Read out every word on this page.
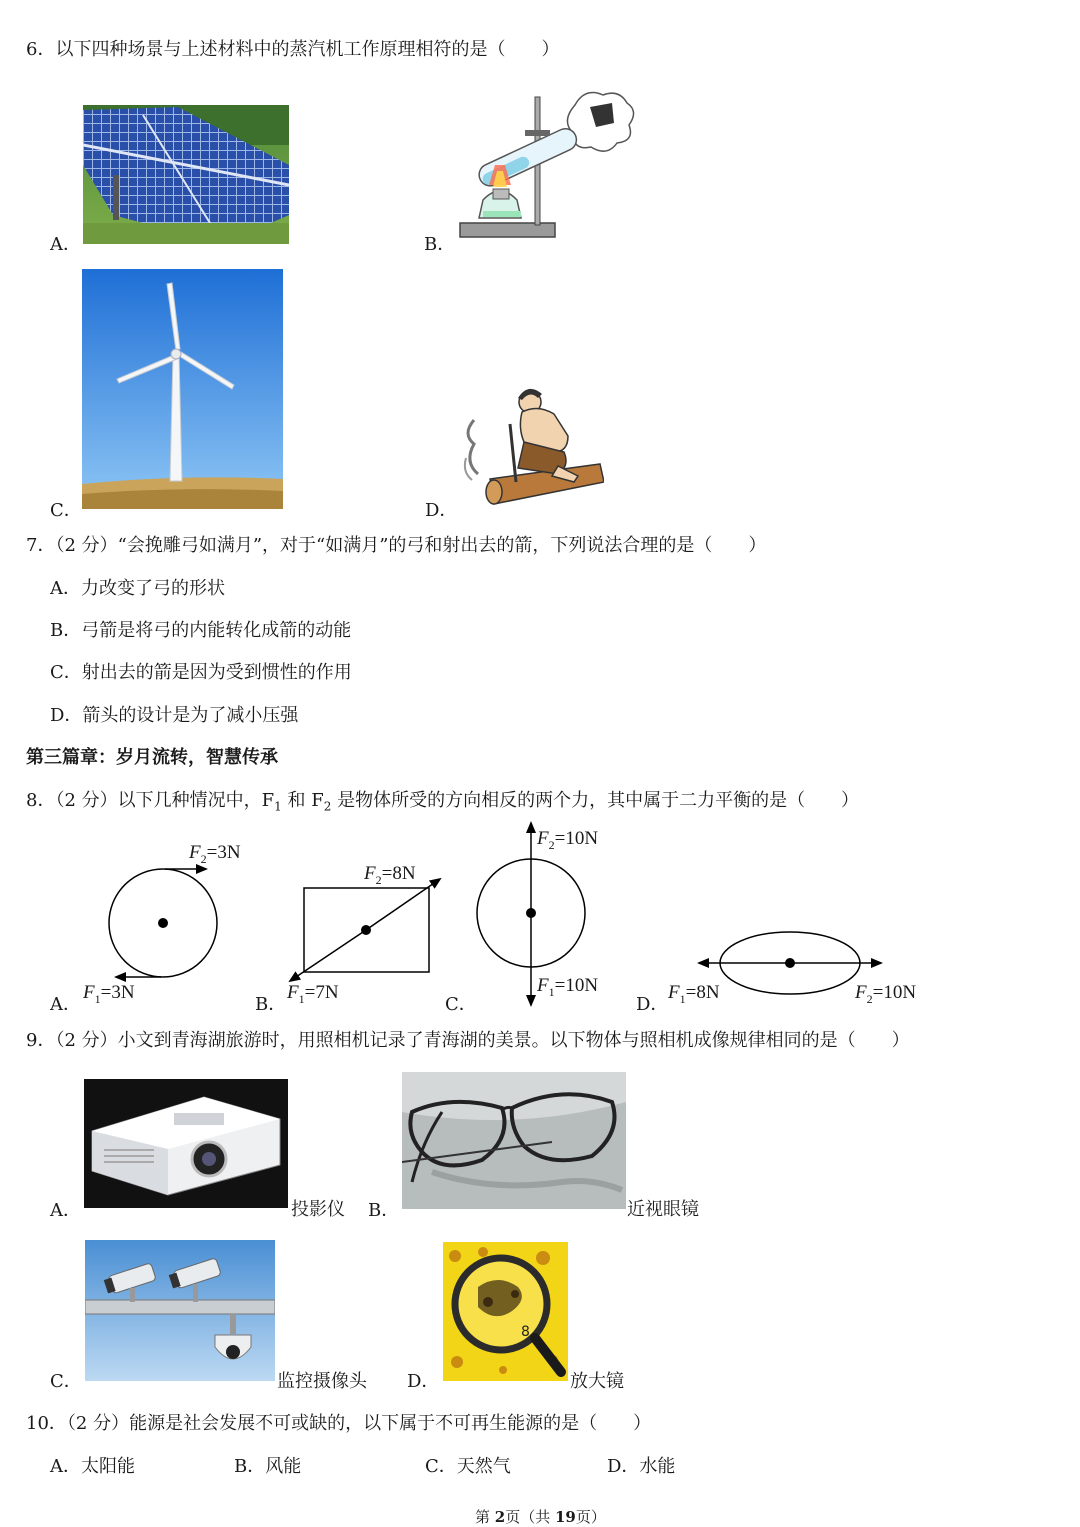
6．以下四种场景与上述材料中的蒸汽机工作原理相符的是（　　）
A．	B．
C．	D．
7．（2 分）“会挽雕弓如满月”，对于“如满月”的弓和射出去的箭，下列说法合理的是（　　）
A．力改变了弓的形状
B．弓箭是将弓的内能转化成箭的动能
C．射出去的箭是因为受到惯性的作用
D．箭头的设计是为了减小压强
第三篇章：岁月流转，智慧传承
8．（2 分）以下几种情况中，$F_1$ 和 $F_2$ 是物体所受的方向相反的两个力，其中属于二力平衡的是（　　）
$F_2=3N$
$F_1=3N$
$F_2=8N$
$F_1=7N$
$F_2=10N$
$F_1=10N$	$F_1=8N$	$F_2=10N$
A．	B．	C．	D．
9．（2 分）小文到青海湖旅游时，用照相机记录了青海湖的美景。以下物体与照相机成像规律相同的是（　　）
投影仪
A．	近视眼镜
B．
监控摄像头
C．
8
放大镜
D．
10．（2 分）能源是社会发展不可或缺的，以下属于不可再生能源的是（　　）
A．太阳能	B．风能	C．天然气	D．水能
第 2页（共 19页）
